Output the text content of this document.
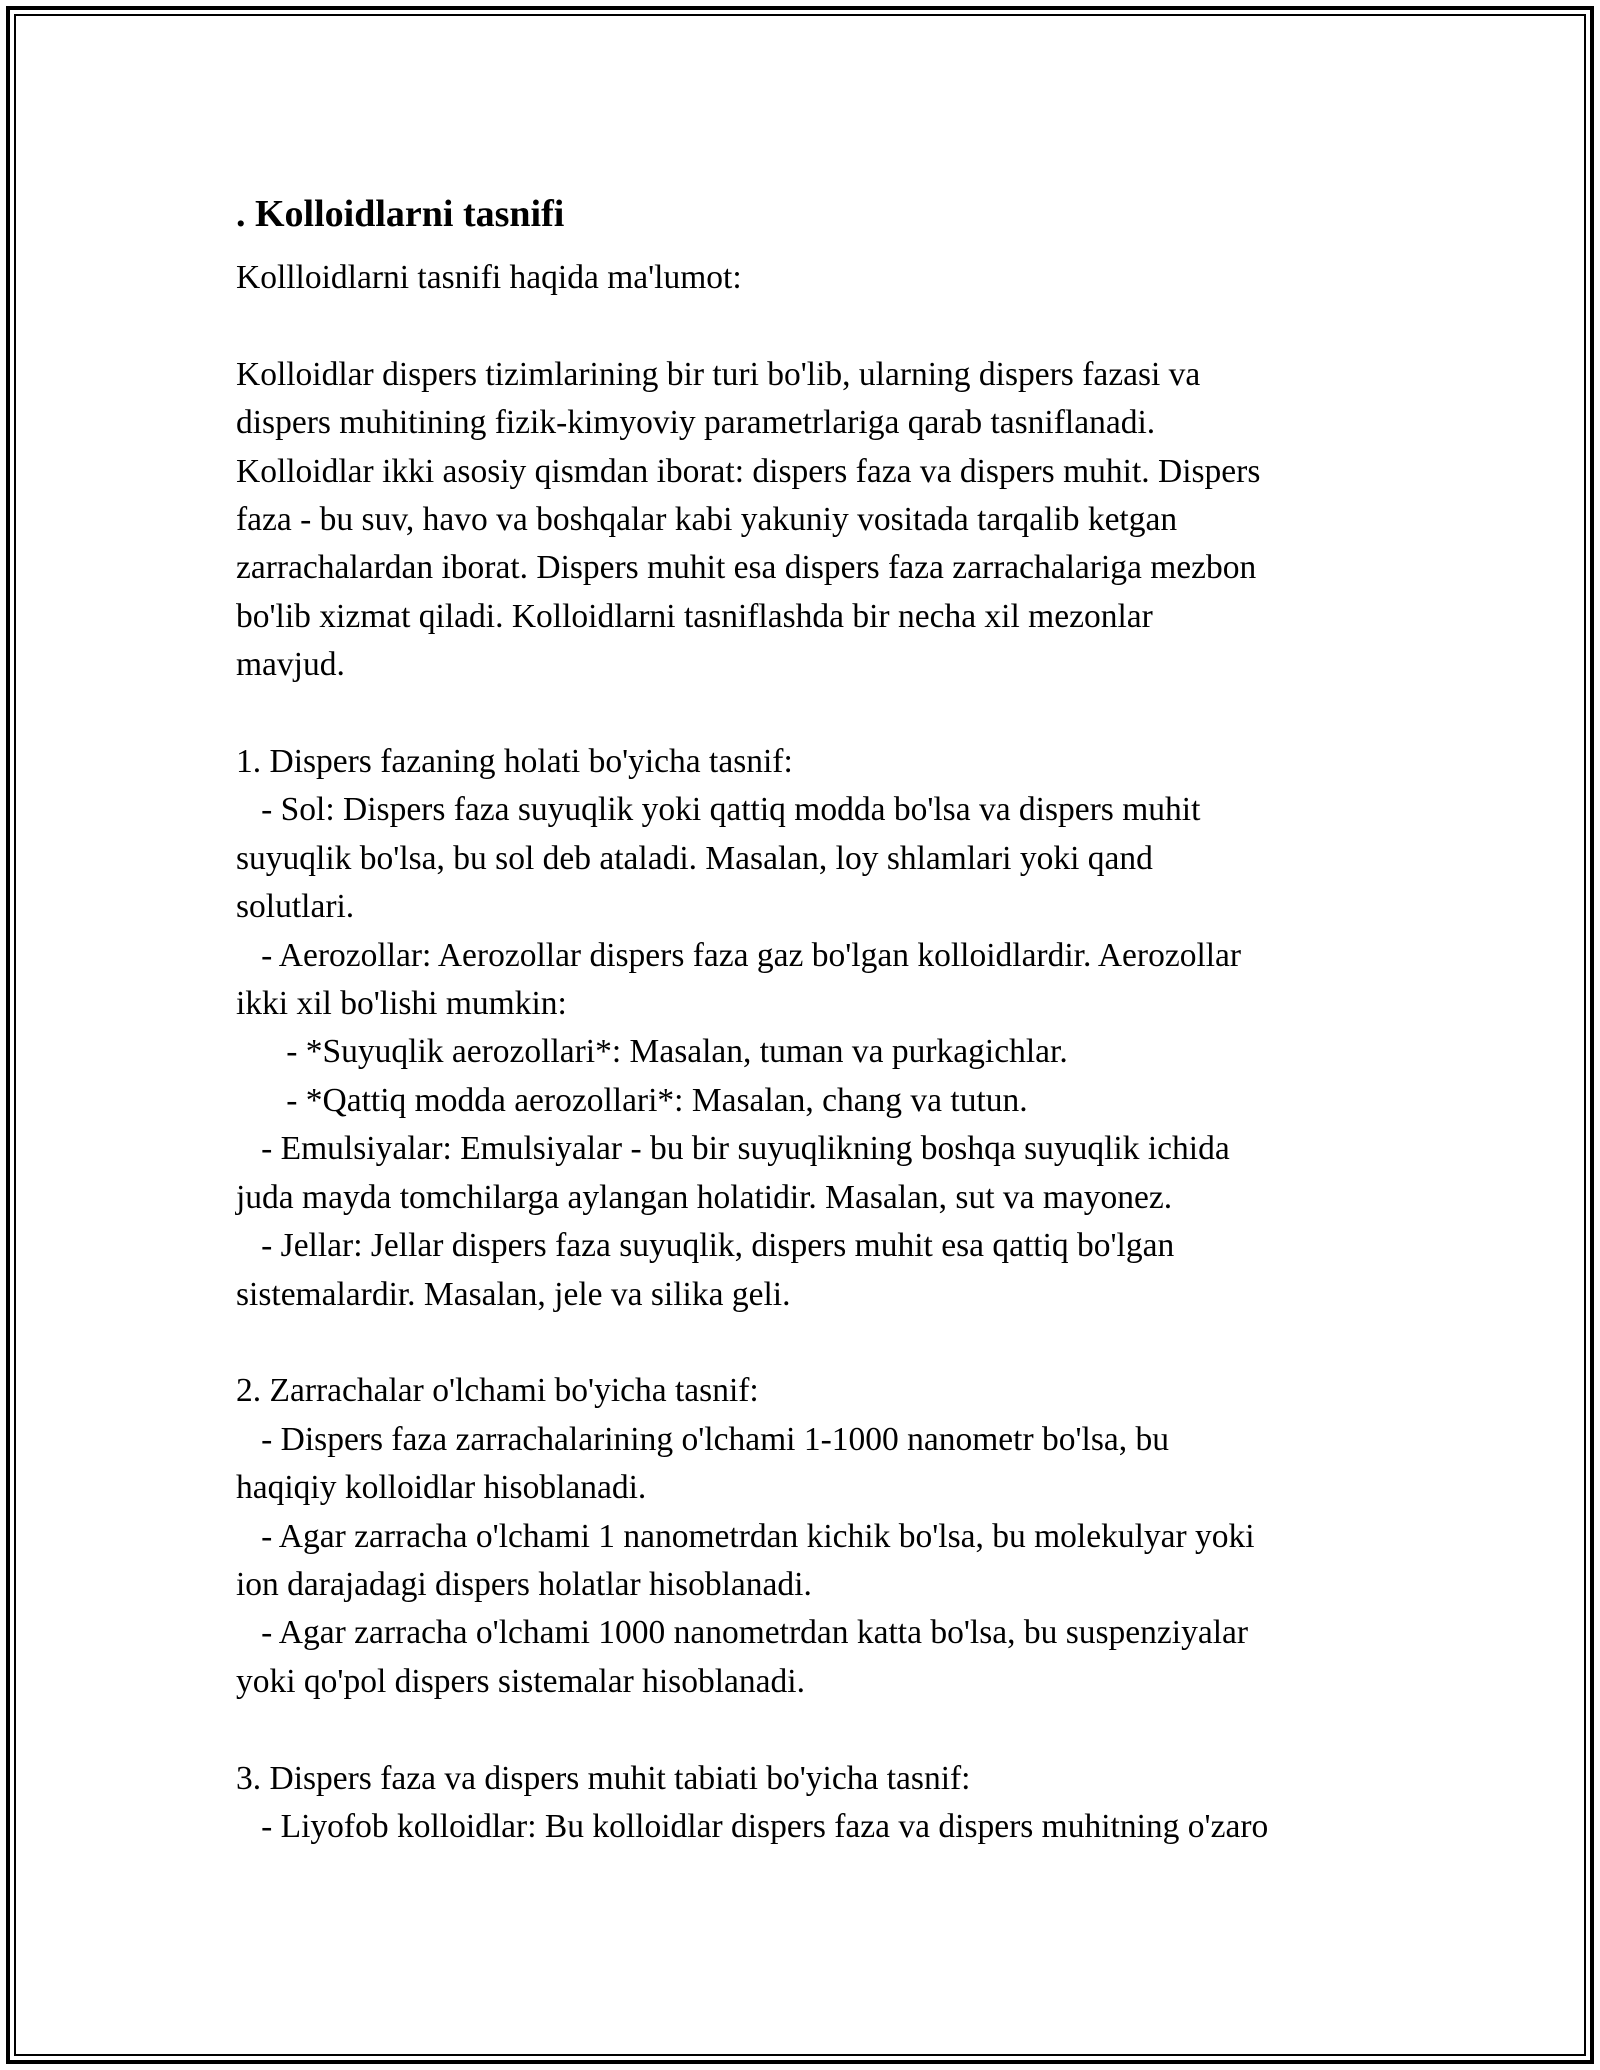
. Kolloidlarni tasnifi
Kollloidlarni tasnifi haqida ma'lumot:
Kolloidlar dispers tizimlarining bir turi bo'lib, ularning dispers fazasi va
dispers muhitining fizik-kimyoviy parametrlariga qarab tasniflanadi.
Kolloidlar ikki asosiy qismdan iborat: dispers faza va dispers muhit. Dispers
faza - bu suv, havo va boshqalar kabi yakuniy vositada tarqalib ketgan
zarrachalardan iborat. Dispers muhit esa dispers faza zarrachalariga mezbon
bo'lib xizmat qiladi. Kolloidlarni tasniflashda bir necha xil mezonlar
mavjud.
1. Dispers fazaning holati bo'yicha tasnif:
- Sol: Dispers faza suyuqlik yoki qattiq modda bo'lsa va dispers muhit
suyuqlik bo'lsa, bu sol deb ataladi. Masalan, loy shlamlari yoki qand
solutlari.
- Aerozollar: Aerozollar dispers faza gaz bo'lgan kolloidlardir. Aerozollar
ikki xil bo'lishi mumkin:
- *Suyuqlik aerozollari*: Masalan, tuman va purkagichlar.
- *Qattiq modda aerozollari*: Masalan, chang va tutun.
- Emulsiyalar: Emulsiyalar - bu bir suyuqlikning boshqa suyuqlik ichida
juda mayda tomchilarga aylangan holatidir. Masalan, sut va mayonez.
- Jellar: Jellar dispers faza suyuqlik, dispers muhit esa qattiq bo'lgan
sistemalardir. Masalan, jele va silika geli.
2. Zarrachalar o'lchami bo'yicha tasnif:
- Dispers faza zarrachalarining o'lchami 1-1000 nanometr bo'lsa, bu
haqiqiy kolloidlar hisoblanadi.
- Agar zarracha o'lchami 1 nanometrdan kichik bo'lsa, bu molekulyar yoki
ion darajadagi dispers holatlar hisoblanadi.
- Agar zarracha o'lchami 1000 nanometrdan katta bo'lsa, bu suspenziyalar
yoki qo'pol dispers sistemalar hisoblanadi.
3. Dispers faza va dispers muhit tabiati bo'yicha tasnif:
- Liyofob kolloidlar: Bu kolloidlar dispers faza va dispers muhitning o'zaro
